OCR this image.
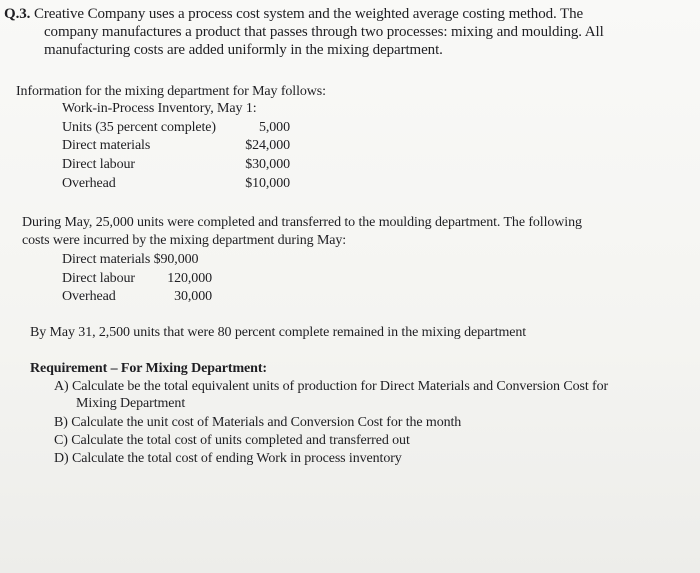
Q.3. Creative Company uses a process cost system and the weighted average costing method. The
company manufactures a product that passes through two processes: mixing and moulding. All
manufacturing costs are added uniformly in the mixing department.
Information for the mixing department for May follows:
Work-in-Process Inventory, May 1:
Units (35 percent complete)	5,000
Direct materials	$24,000
Direct labour	$30,000
Overhead	$10,000
During May, 25,000 units were completed and transferred to the moulding department. The following
costs were incurred by the mixing department during May:
Direct materials $90,000
Direct labour	120,000
Overhead	30,000
By May 31, 2,500 units that were 80 percent complete remained in the mixing department
Requirement – For Mixing Department:
A) Calculate be the total equivalent units of production for Direct Materials and Conversion Cost for
Mixing Department
B) Calculate the unit cost of Materials and Conversion Cost for the month
C) Calculate the total cost of units completed and transferred out
D) Calculate the total cost of ending Work in process inventory
